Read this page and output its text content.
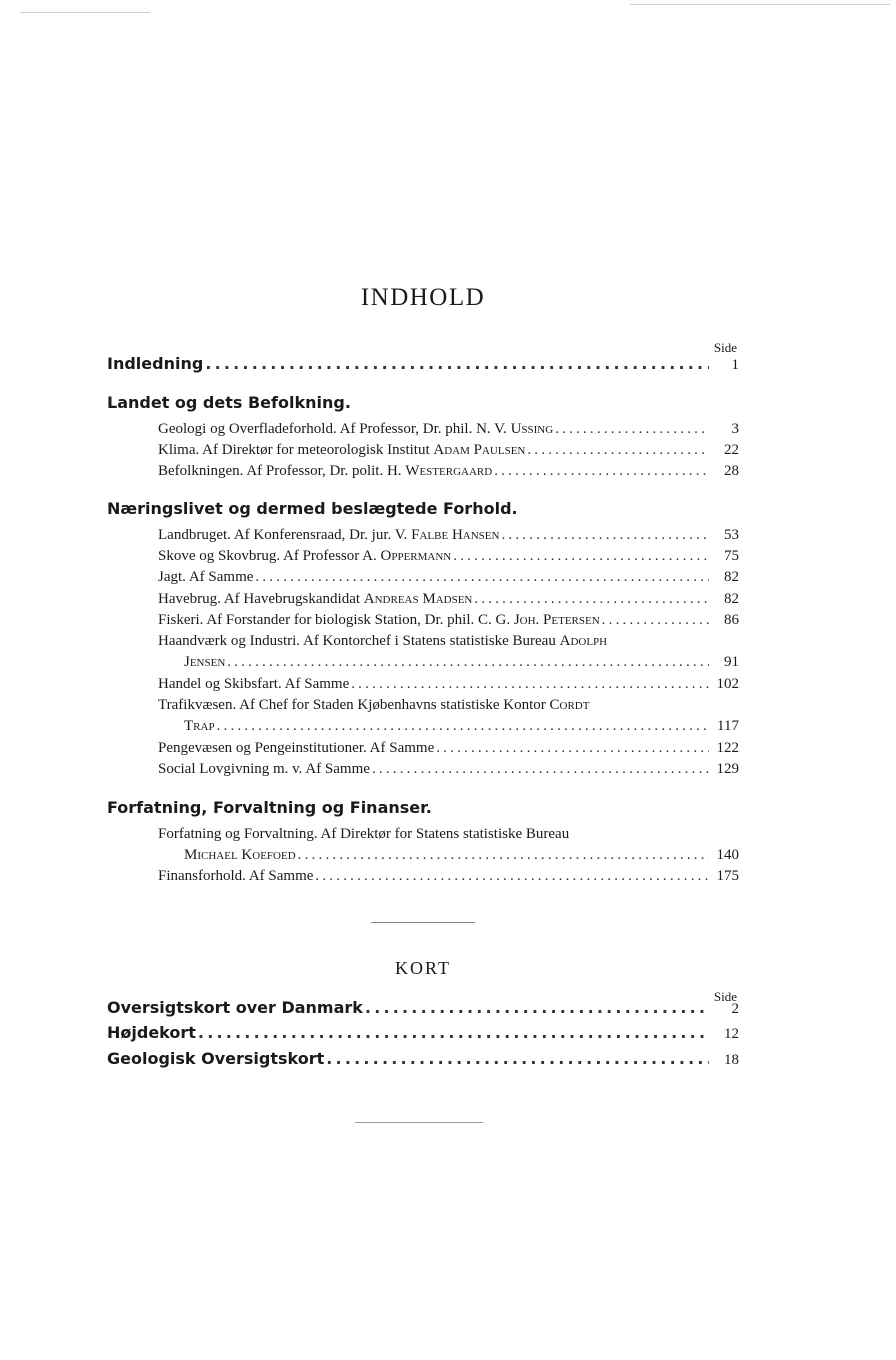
INDHOLD
Side
Indledning .....	1
Landet og dets Befolkning.
Geologi og Overfladeforhold. Af Professor, Dr. phil. N. V. Ussing .....	3
Klima. Af Direktør for meteorologisk Institut Adam Paulsen .....	22
Befolkningen. Af Professor, Dr. polit. H. Westergaard .....	28
Næringslivet og dermed beslægtede Forhold.
Landbruget. Af Konferensraad, Dr. jur. V. Falbe Hansen .....	53
Skove og Skovbrug. Af Professor A. Oppermann .....	75
Jagt. Af Samme .....	82
Havebrug. Af Havebrugskandidat Andreas Madsen .....	82
Fiskeri. Af Forstander for biologisk Station, Dr. phil. C. G. Joh. Petersen .....	86
Haandværk og Industri. Af Kontorchef i Statens statistiske Bureau Adolph
Jensen .....	91
Handel og Skibsfart. Af Samme .....	102
Trafikvæsen. Af Chef for Staden Kjøbenhavns statistiske Kontor Cordt
Trap .....	117
Pengevæsen og Pengeinstitutioner. Af Samme .....	122
Social Lovgivning m. v. Af Samme .....	129
Forfatning, Forvaltning og Finanser.
Forfatning og Forvaltning. Af Direktør for Statens statistiske Bureau
Michael Koefoed .....	140
Finansforhold. Af Samme .....	175
KORT
Side
Oversigtskort over Danmark .....	2
Højdekort .....	12
Geologisk Oversigtskort .....	18
